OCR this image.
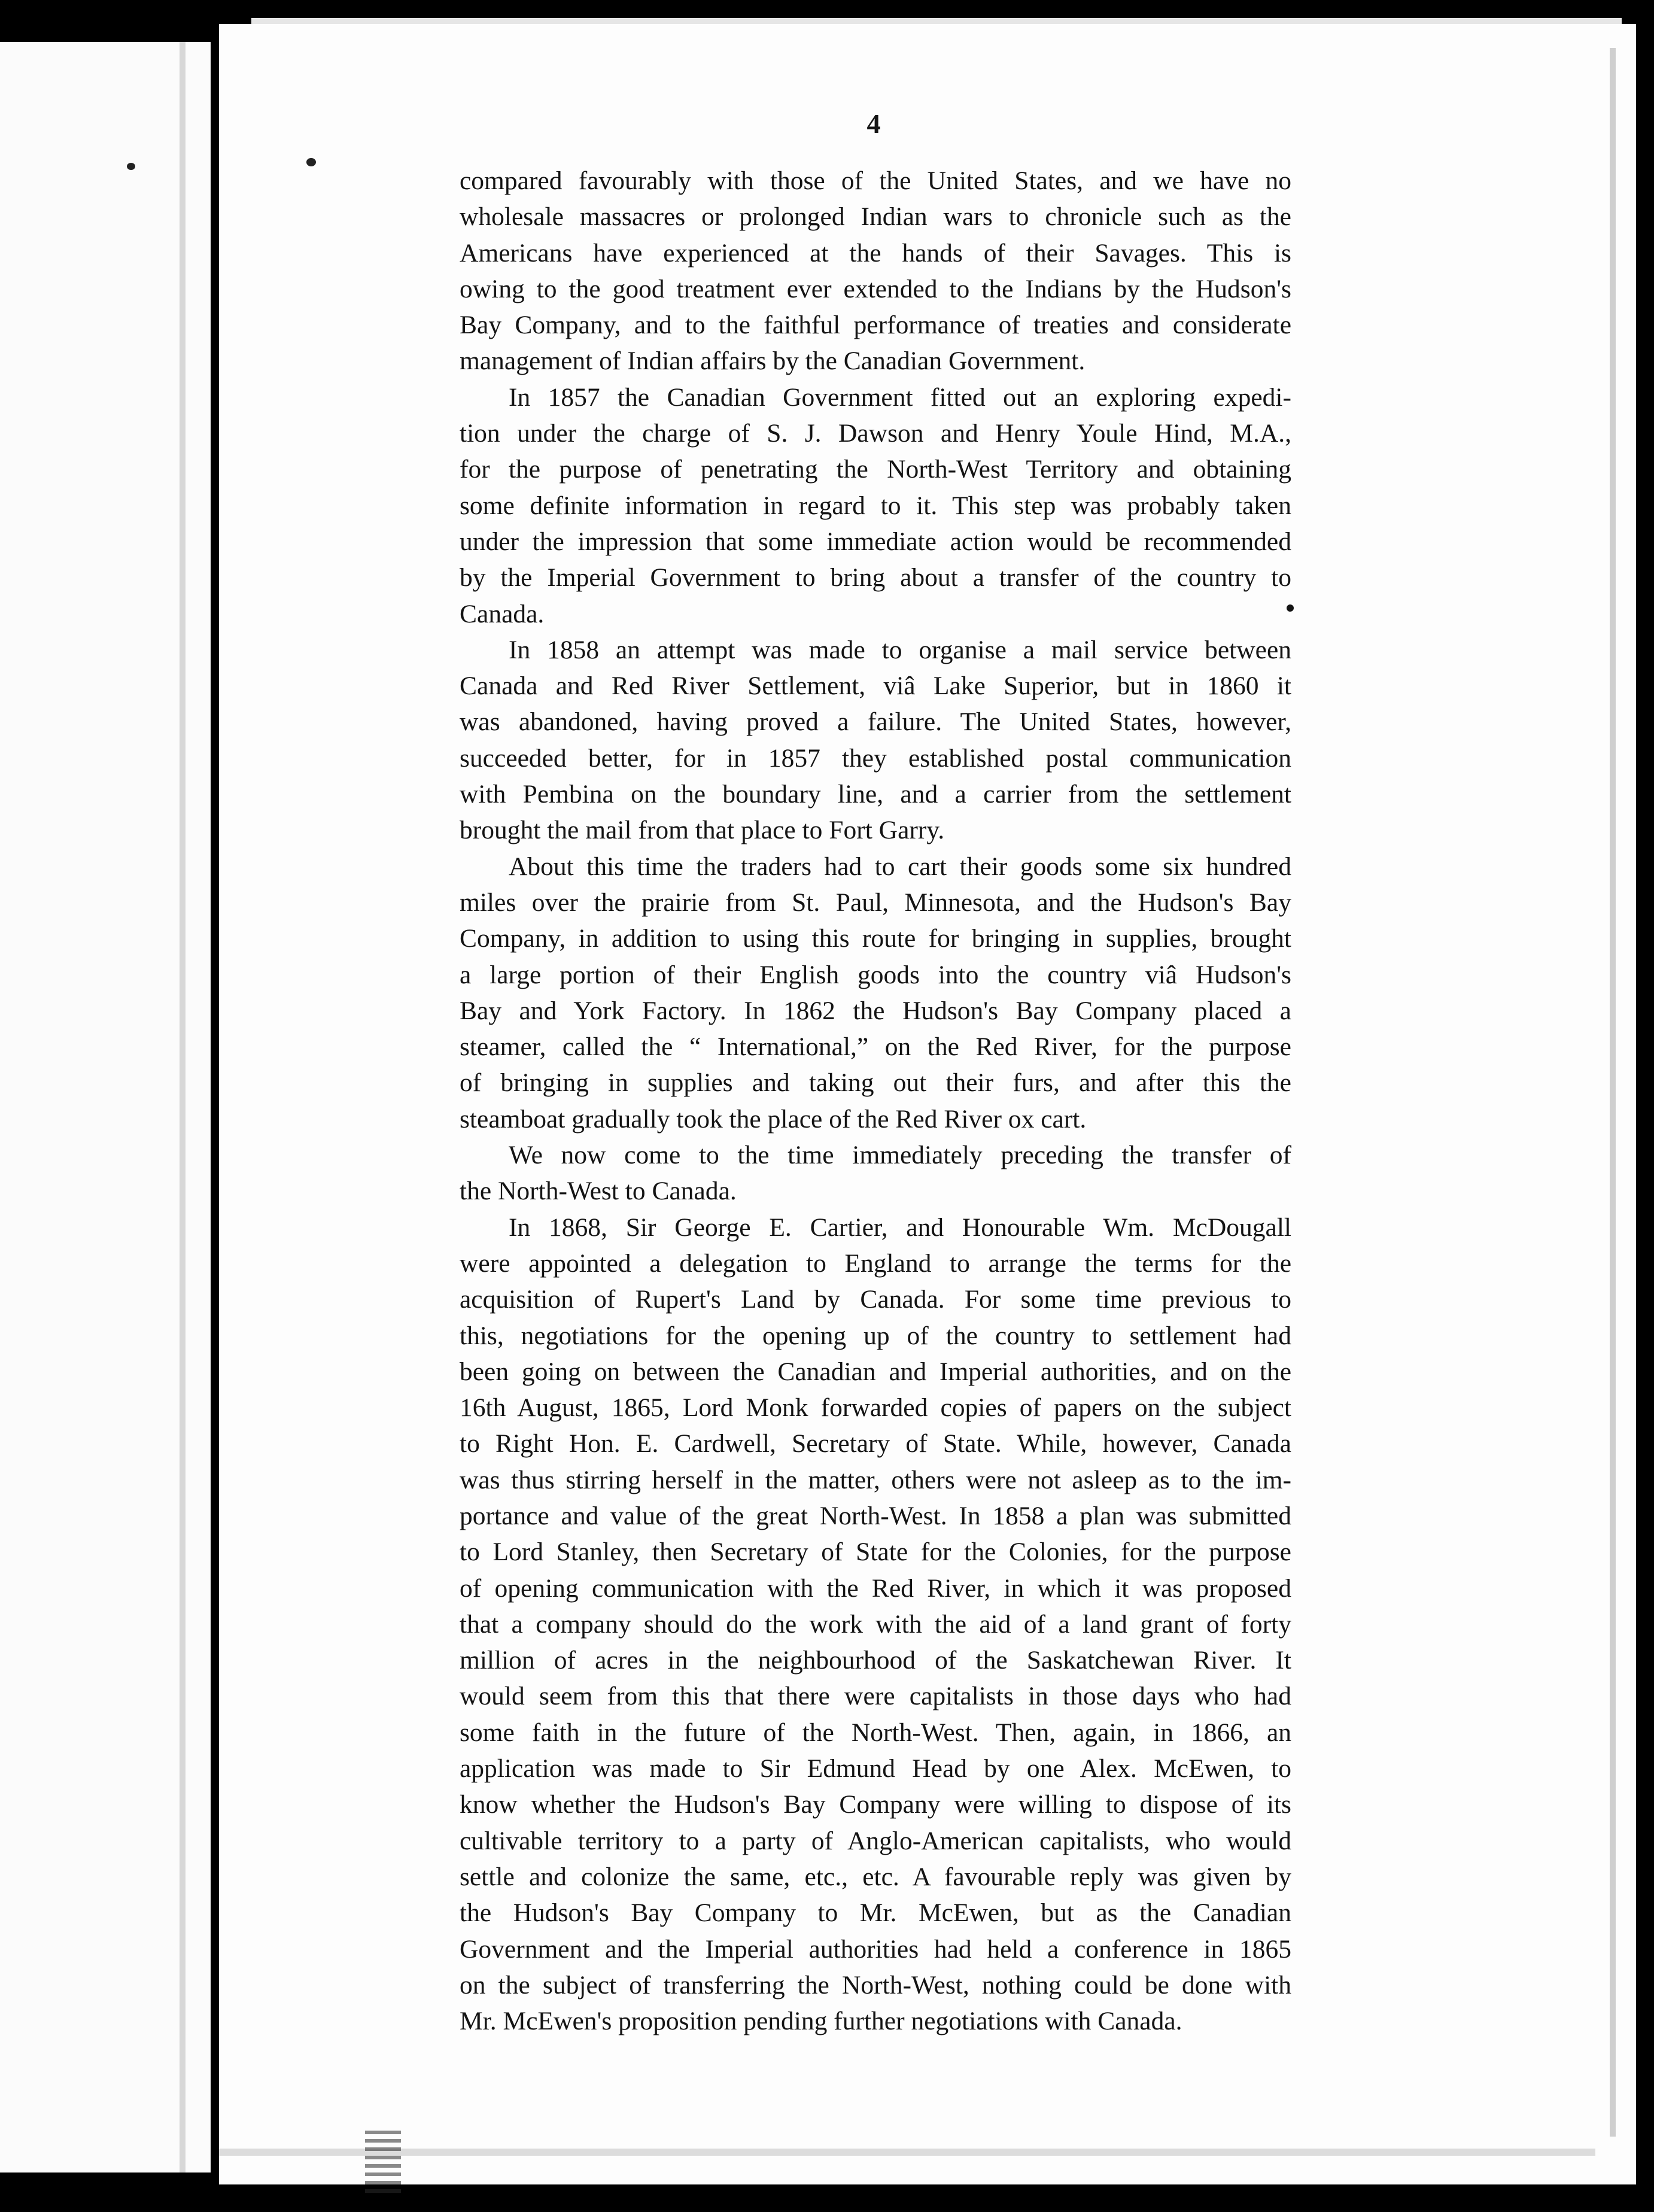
4

compared favourably with those of the United States, and we have no
wholesale massacres or prolonged Indian wars to chronicle such as the
Americans have experienced at the hands of their Savages. This is
owing to the good treatment ever extended to the Indians by the Hudson's
Bay Company, and to the faithful performance of treaties and considerate
management of Indian affairs by the Canadian Government.

In 1857 the Canadian Government fitted out an exploring expedi-
tion under the charge of S. J. Dawson and Henry Youle Hind, M.A.,
for the purpose of penetrating the North-West Territory and obtaining
some definite information in regard to it. This step was probably taken
under the impression that some immediate action would be recommended
by the Imperial Government to bring about a transfer of the country to
Canada.

In 1858 an attempt was made to organise a mail service between
Canada and Red River Settlement, viâ Lake Superior, but in 1860 it
was abandoned, having proved a failure. The United States, however,
succeeded better, for in 1857 they established postal communication
with Pembina on the boundary line, and a carrier from the settlement
brought the mail from that place to Fort Garry.

About this time the traders had to cart their goods some six hundred
miles over the prairie from St. Paul, Minnesota, and the Hudson's Bay
Company, in addition to using this route for bringing in supplies, brought
a large portion of their English goods into the country viâ Hudson's
Bay and York Factory. In 1862 the Hudson's Bay Company placed a
steamer, called the “ International,” on the Red River, for the purpose
of bringing in supplies and taking out their furs, and after this the
steamboat gradually took the place of the Red River ox cart.

We now come to the time immediately preceding the transfer of
the North-West to Canada.

In 1868, Sir George E. Cartier, and Honourable Wm. McDougall
were appointed a delegation to England to arrange the terms for the
acquisition of Rupert's Land by Canada. For some time previous to
this, negotiations for the opening up of the country to settlement had
been going on between the Canadian and Imperial authorities, and on the
16th August, 1865, Lord Monk forwarded copies of papers on the subject
to Right Hon. E. Cardwell, Secretary of State. While, however, Canada
was thus stirring herself in the matter, others were not asleep as to the im-
portance and value of the great North-West. In 1858 a plan was submitted
to Lord Stanley, then Secretary of State for the Colonies, for the purpose
of opening communication with the Red River, in which it was proposed
that a company should do the work with the aid of a land grant of forty
million of acres in the neighbourhood of the Saskatchewan River. It
would seem from this that there were capitalists in those days who had
some faith in the future of the North-West. Then, again, in 1866, an
application was made to Sir Edmund Head by one Alex. McEwen, to
know whether the Hudson's Bay Company were willing to dispose of its
cultivable territory to a party of Anglo-American capitalists, who would
settle and colonize the same, etc., etc. A favourable reply was given by
the Hudson's Bay Company to Mr. McEwen, but as the Canadian
Government and the Imperial authorities had held a conference in 1865
on the subject of transferring the North-West, nothing could be done with
Mr. McEwen's proposition pending further negotiations with Canada.
